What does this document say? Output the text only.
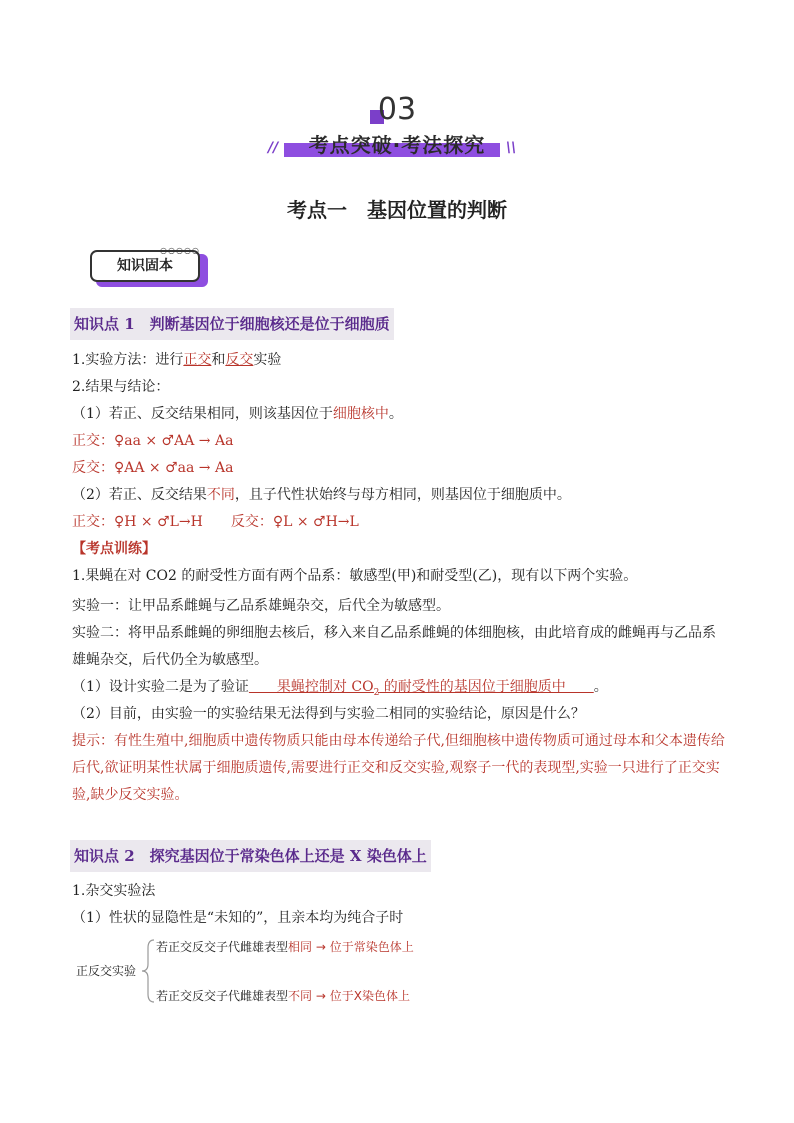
03
//	\\
考点突破·考法探究
考点一　基因位置的判断
知识固本
○○○○○
知识点 1　判断基因位于细胞核还是位于细胞质
1.实验方法：进行正交和反交实验
2.结果与结论：
（1）若正、反交结果相同，则该基因位于细胞核中。
正交：♀aa × ♂AA → Aa
反交：♀AA × ♂aa → Aa
（2）若正、反交结果不同，且子代性状始终与母方相同，则基因位于细胞质中。
正交：♀H × ♂L→H　　反交：♀L × ♂H→L
【考点训练】
1.果蝇在对 CO2 的耐受性方面有两个品系：敏感型(甲)和耐受型(乙)，现有以下两个实验。
实验一：让甲品系雌蝇与乙品系雄蝇杂交，后代全为敏感型。
实验二：将甲品系雌蝇的卵细胞去核后，移入来自乙品系雌蝇的体细胞核，由此培育成的雌蝇再与乙品系
雄蝇杂交，后代仍全为敏感型。
（1）设计实验二是为了验证　　果蝇控制对 $CO_2$ 的耐受性的基因位于细胞质中　　。
（2）目前，由实验一的实验结果无法得到与实验二相同的实验结论，原因是什么？
提示：有性生殖中,细胞质中遗传物质只能由母本传递给子代,但细胞核中遗传物质可通过母本和父本遗传给
后代,欲证明某性状属于细胞质遗传,需要进行正交和反交实验,观察子一代的表现型,实验一只进行了正交实
验,缺少反交实验。
知识点 2　探究基因位于常染色体上还是 X 染色体上
1.杂交实验法
（1）性状的显隐性是“未知的”，且亲本均为纯合子时
正反交实验
若正交反交子代雌雄表型相同 → 位于常染色体上
若正交反交子代雌雄表型不同 → 位于X染色体上
